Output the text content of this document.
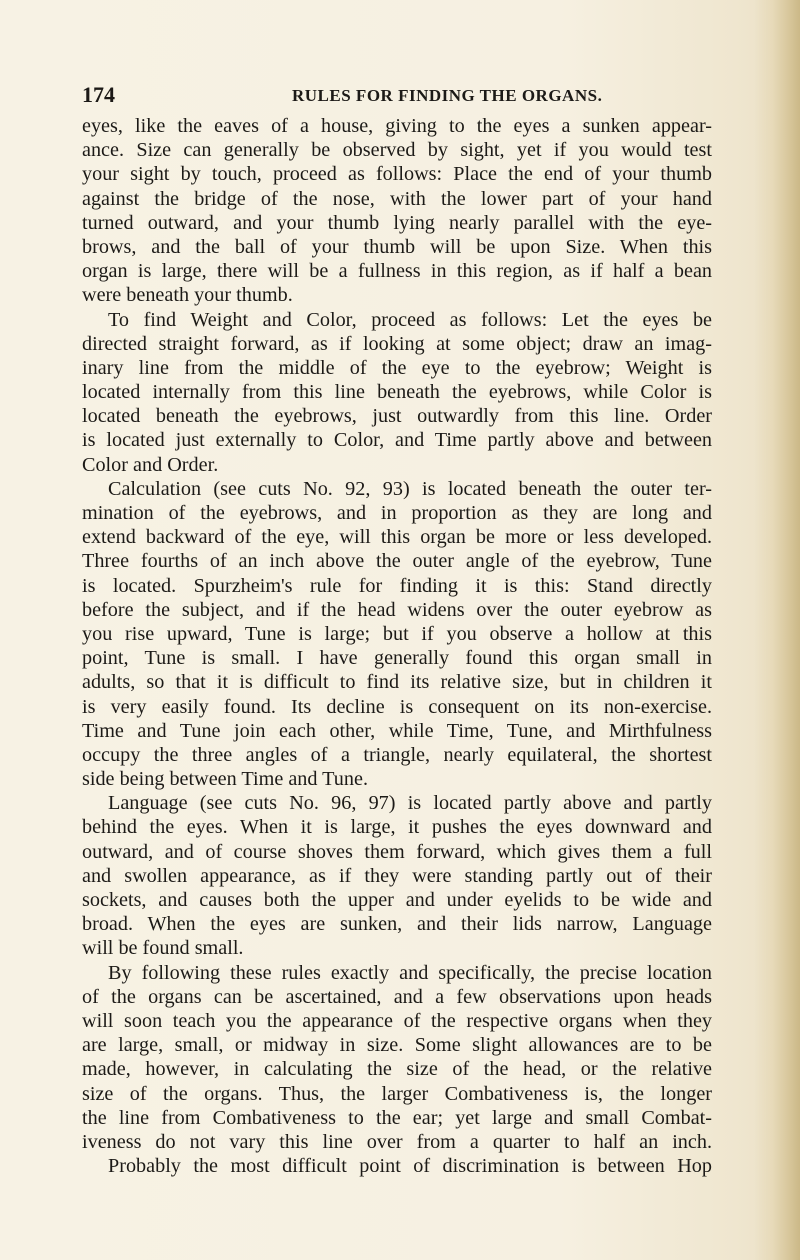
174	RULES FOR FINDING THE ORGANS.
eyes, like the eaves of a house, giving to the eyes a sunken appear-
ance. Size can generally be observed by sight, yet if you would test
your sight by touch, proceed as follows: Place the end of your thumb
against the bridge of the nose, with the lower part of your hand
turned outward, and your thumb lying nearly parallel with the eye-
brows, and the ball of your thumb will be upon Size. When this
organ is large, there will be a fullness in this region, as if half a bean
were beneath your thumb.
To find Weight and Color, proceed as follows: Let the eyes be
directed straight forward, as if looking at some object; draw an imag-
inary line from the middle of the eye to the eyebrow; Weight is
located internally from this line beneath the eyebrows, while Color is
located beneath the eyebrows, just outwardly from this line. Order
is located just externally to Color, and Time partly above and between
Color and Order.
Calculation (see cuts No. 92, 93) is located beneath the outer ter-
mination of the eyebrows, and in proportion as they are long and
extend backward of the eye, will this organ be more or less developed.
Three fourths of an inch above the outer angle of the eyebrow, Tune
is located. Spurzheim's rule for finding it is this: Stand directly
before the subject, and if the head widens over the outer eyebrow as
you rise upward, Tune is large; but if you observe a hollow at this
point, Tune is small. I have generally found this organ small in
adults, so that it is difficult to find its relative size, but in children it
is very easily found. Its decline is consequent on its non-exercise.
Time and Tune join each other, while Time, Tune, and Mirthfulness
occupy the three angles of a triangle, nearly equilateral, the shortest
side being between Time and Tune.
Language (see cuts No. 96, 97) is located partly above and partly
behind the eyes. When it is large, it pushes the eyes downward and
outward, and of course shoves them forward, which gives them a full
and swollen appearance, as if they were standing partly out of their
sockets, and causes both the upper and under eyelids to be wide and
broad. When the eyes are sunken, and their lids narrow, Language
will be found small.
By following these rules exactly and specifically, the precise location
of the organs can be ascertained, and a few observations upon heads
will soon teach you the appearance of the respective organs when they
are large, small, or midway in size. Some slight allowances are to be
made, however, in calculating the size of the head, or the relative
size of the organs. Thus, the larger Combativeness is, the longer
the line from Combativeness to the ear; yet large and small Combat-
iveness do not vary this line over from a quarter to half an inch.
Probably the most difficult point of discrimination is between Hop
